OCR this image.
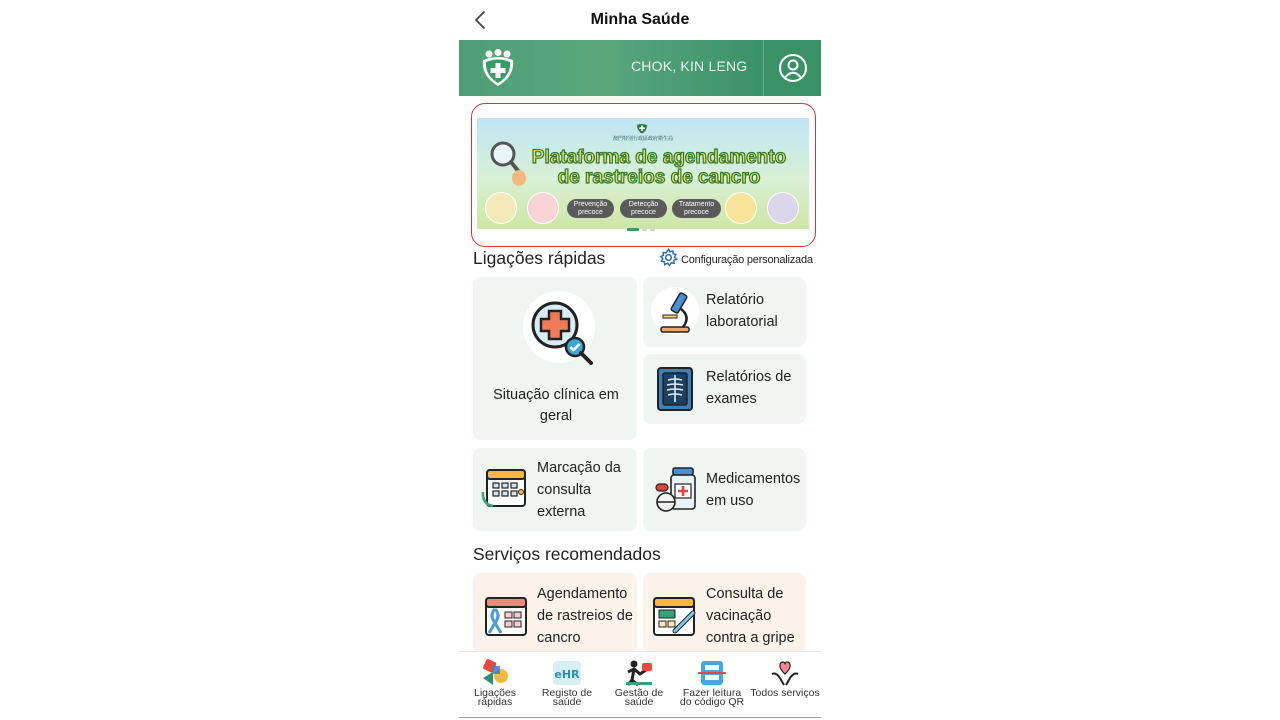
Minha Saúde
CHOK, KIN LENG
澳門特別行政區政府衛生局
Plataforma de agendamento
de rastreios de cancro
Prevenção precoce
Detecção precoce
Tratamento precoce
Ligações rápidas	Configuração personalizada
Situação clínica em geral
Relatório laboratorial
Relatórios de exames
Marcação da consulta externa
Medicamentos em uso
Serviços recomendados
Agendamento de rastreios de cancro
Consulta de vacinação contra a gripe
Ligações rápidas
eHR
Registo de saúde
Gestão de saúde
Fazer leitura do código QR
Todos serviços
